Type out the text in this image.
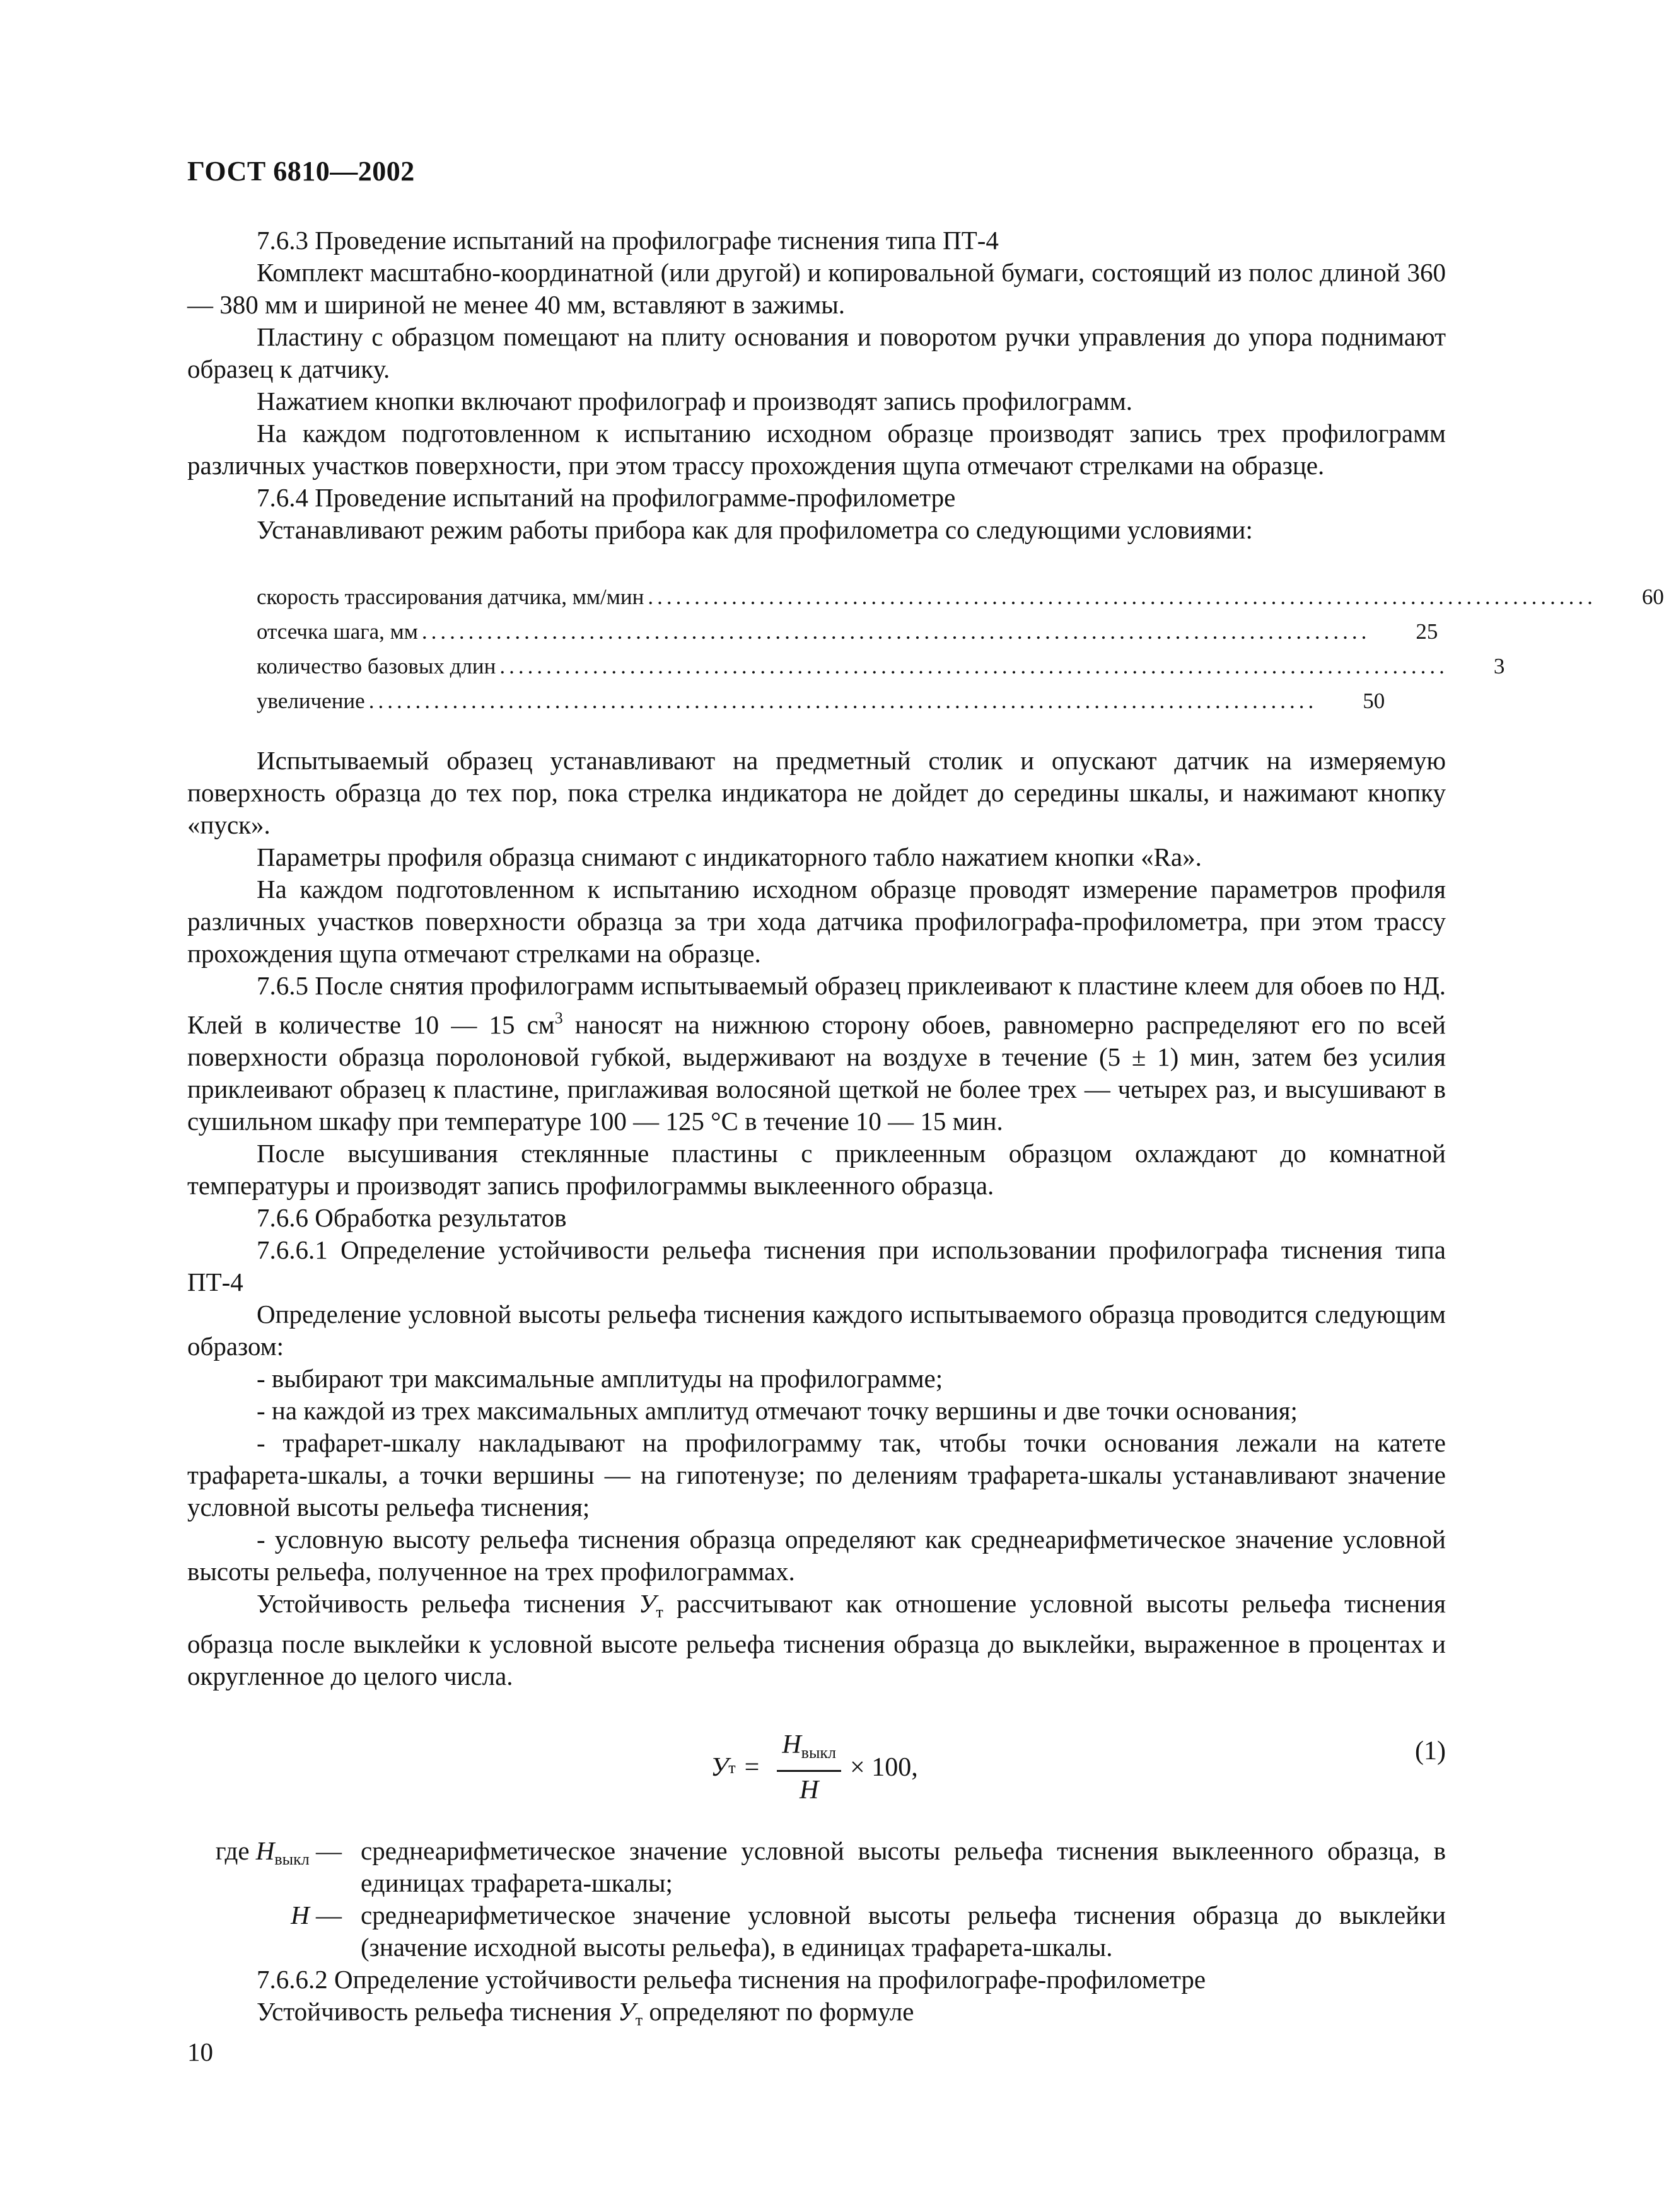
ГОСТ 6810—2002

7.6.3 Проведение испытаний на профилографе тиснения типа ПТ-4

Комплект масштабно-координатной (или другой) и копировальной бумаги, состоящий из полос длиной 360 — 380 мм и шириной не менее 40 мм, вставляют в зажимы.

Пластину с образцом помещают на плиту основания и поворотом ручки управления до упора поднимают образец к датчику.

Нажатием кнопки включают профилограф и производят запись профилограмм.

На каждом подготовленном к испытанию исходном образце производят запись трех профилограмм различных участков поверхности, при этом трассу прохождения щупа отмечают стрелками на образце.

7.6.4 Проведение испытаний на профилограмме-профилометре

Устанавливают режим работы прибора как для профилометра со следующими условиями:

скорость трассирования датчика, мм/мин ......................................................................................................	60
отсечка шага, мм ......................................................................................................	25
количество базовых длин ......................................................................................................	3
увеличение ......................................................................................................	50

Испытываемый образец устанавливают на предметный столик и опускают датчик на измеряемую поверхность образца до тех пор, пока стрелка индикатора не дойдет до середины шкалы, и нажимают кнопку «пуск».

Параметры профиля образца снимают с индикаторного табло нажатием кнопки «Ra».

На каждом подготовленном к испытанию исходном образце проводят измерение параметров профиля различных участков поверхности образца за три хода датчика профилографа-профилометра, при этом трассу прохождения щупа отмечают стрелками на образце.

7.6.5 После снятия профилограмм испытываемый образец приклеивают к пластине клеем для обоев по НД. Клей в количестве 10 — 15 $см^3$ наносят на нижнюю сторону обоев, равномерно распределяют его по всей поверхности образца поролоновой губкой, выдерживают на воздухе в течение (5 ± 1) мин, затем без усилия приклеивают образец к пластине, приглаживая волосяной щеткой не более трех — четырех раз, и высушивают в сушильном шкафу при температуре 100 — 125 °С в течение 10 — 15 мин.

После высушивания стеклянные пластины с приклеенным образцом охлаждают до комнатной температуры и производят запись профилограммы выклеенного образца.

7.6.6 Обработка результатов

7.6.6.1 Определение устойчивости рельефа тиснения при использовании профилографа тиснения типа ПТ-4

Определение условной высоты рельефа тиснения каждого испытываемого образца проводится следующим образом:

- выбирают три максимальные амплитуды на профилограмме;

- на каждой из трех максимальных амплитуд отмечают точку вершины и две точки основания;

- трафарет-шкалу накладывают на профилограмму так, чтобы точки основания лежали на катете трафарета-шкалы, а точки вершины — на гипотенузе; по делениям трафарета-шкалы устанавливают значение условной высоты рельефа тиснения;

- условную высоту рельефа тиснения образца определяют как среднеарифметическое значение условной высоты рельефа, полученное на трех профилограммах.

Устойчивость рельефа тиснения $У_т$ рассчитывают как отношение условной высоты рельефа тиснения образца после выклейки к условной высоте рельефа тиснения образца до выклейки, выраженное в процентах и округленное до целого числа.

У $т = \frac{H_{выкл}}{H} \times 100$,
(1)
где $H_{выкл}$ — среднеарифметическое значение условной высоты рельефа тиснения выклеенного образца, в единицах трафарета-шкалы;
H — среднеарифметическое значение условной высоты рельефа тиснения образца до выклейки (значение исходной высоты рельефа), в единицах трафарета-шкалы.

7.6.6.2 Определение устойчивости рельефа тиснения на профилографе-профилометре

Устойчивость рельефа тиснения $У_т$ определяют по формуле

10
